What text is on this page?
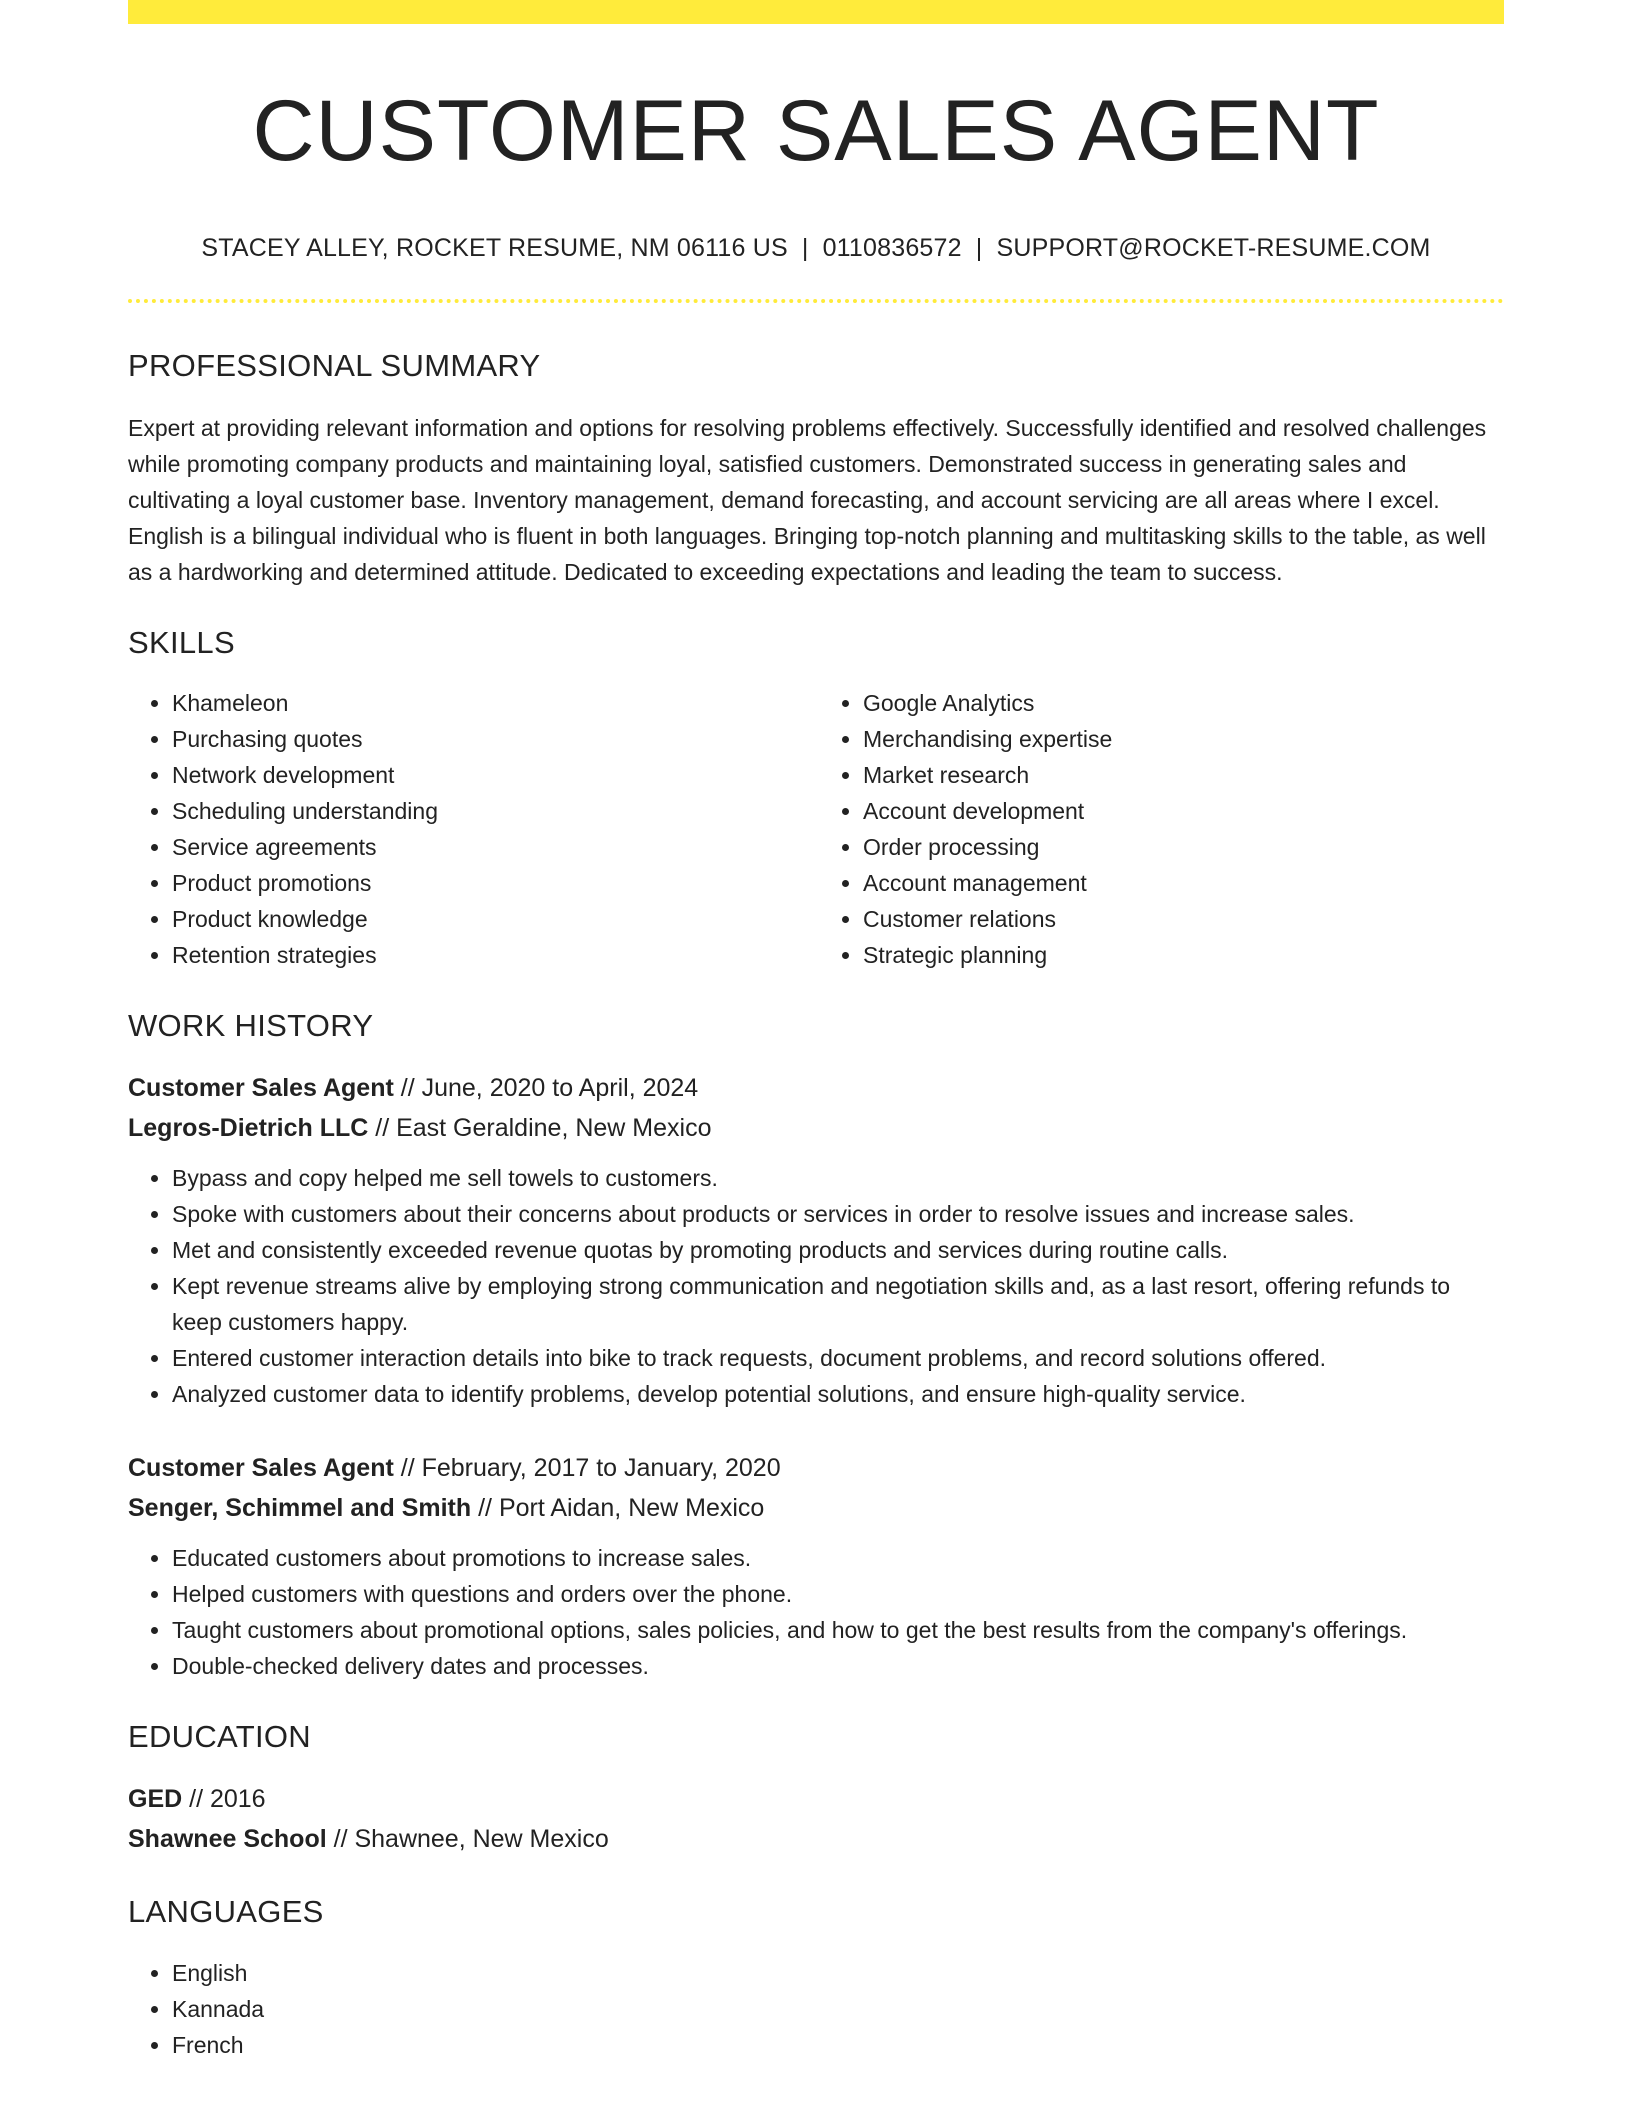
CUSTOMER SALES AGENT
STACEY ALLEY, ROCKET RESUME, NM 06116 US | 0110836572 | SUPPORT@ROCKET-RESUME.COM
PROFESSIONAL SUMMARY

Expert at providing relevant information and options for resolving problems effectively. Successfully identified and resolved challenges while promoting company products and maintaining loyal, satisfied customers. Demonstrated success in generating sales and cultivating a loyal customer base. Inventory management, demand forecasting, and account servicing are all areas where I excel. English is a bilingual individual who is fluent in both languages. Bringing top-notch planning and multitasking skills to the table, as well as a hardworking and determined attitude. Dedicated to exceeding expectations and leading the team to success.

SKILLS
• Khameleon
• Purchasing quotes
• Network development
• Scheduling understanding
• Service agreements
• Product promotions
• Product knowledge
• Retention strategies
• Google Analytics
• Merchandising expertise
• Market research
• Account development
• Order processing
• Account management
• Customer relations
• Strategic planning
WORK HISTORY
Customer Sales Agent // June, 2020 to April, 2024
Legros-Dietrich LLC // East Geraldine, New Mexico
• Bypass and copy helped me sell towels to customers.
• Spoke with customers about their concerns about products or services in order to resolve issues and increase sales.
• Met and consistently exceeded revenue quotas by promoting products and services during routine calls.
• Kept revenue streams alive by employing strong communication and negotiation skills and, as a last resort, offering refunds to keep customers happy.
• Entered customer interaction details into bike to track requests, document problems, and record solutions offered.
• Analyzed customer data to identify problems, develop potential solutions, and ensure high-quality service.
Customer Sales Agent // February, 2017 to January, 2020
Senger, Schimmel and Smith // Port Aidan, New Mexico
• Educated customers about promotions to increase sales.
• Helped customers with questions and orders over the phone.
• Taught customers about promotional options, sales policies, and how to get the best results from the company's offerings.
• Double-checked delivery dates and processes.
EDUCATION
GED // 2016
Shawnee School // Shawnee, New Mexico
LANGUAGES
• English
• Kannada
• French
